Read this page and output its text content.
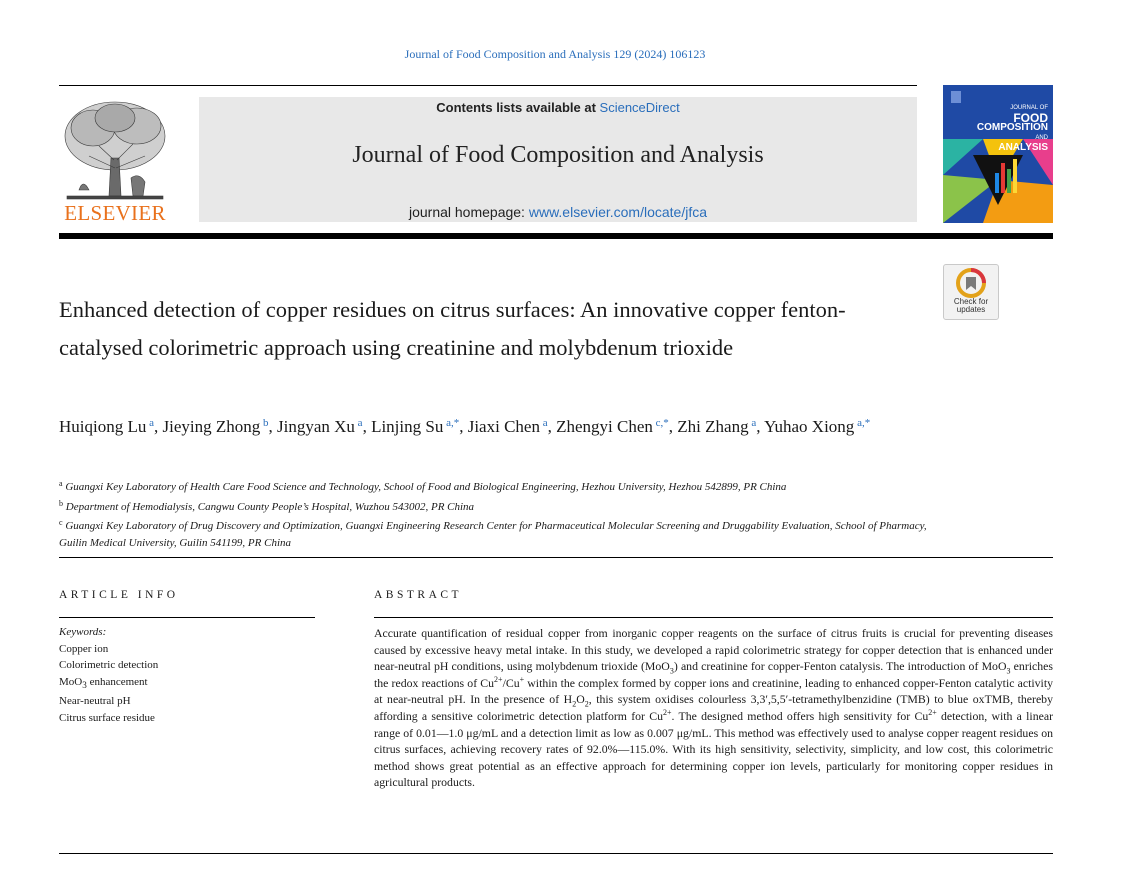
Journal of Food Composition and Analysis 129 (2024) 106123
ELSEVIER
Contents lists available at ScienceDirect
Journal of Food Composition and Analysis
journal homepage: www.elsevier.com/locate/jfca
JOURNAL OF
FOOD
COMPOSITION
AND
ANALYSIS
Check for updates
Enhanced detection of copper residues on citrus surfaces: An innovative copper fenton-catalysed colorimetric approach using creatinine and molybdenum trioxide
Huiqiong Lu $^a$, Jieying Zhong $^b$, Jingyan Xu $^a$, Linjing Su $^{a,*}$, Jiaxi Chen $^a$, Zhengyi Chen $^{c,*}$, Zhi Zhang $^a$, Yuhao Xiong $^{a,*}$
$^a$ Guangxi Key Laboratory of Health Care Food Science and Technology, School of Food and Biological Engineering, Hezhou University, Hezhou 542899, PR China
$^b$ Department of Hemodialysis, Cangwu County People’s Hospital, Wuzhou 543002, PR China
$^c$ Guangxi Key Laboratory of Drug Discovery and Optimization, Guangxi Engineering Research Center for Pharmaceutical Molecular Screening and Druggability Evaluation, School of Pharmacy, Guilin Medical University, Guilin 541199, PR China
ARTICLE INFO	ABSTRACT
Keywords:
Copper ion
Colorimetric detection
MoO$_3$ enhancement
Near-neutral pH
Citrus surface residue

Accurate quantification of residual copper from inorganic copper reagents on the surface of citrus fruits is crucial for preventing diseases caused by excessive heavy metal intake. In this study, we developed a rapid colorimetric strategy for copper detection that is enhanced under near-neutral pH conditions, using molybdenum trioxide (MoO$_3$) and creatinine for copper-Fenton catalysis. The introduction of MoO$_3$ enriches the redox reactions of $Cu^{2+}/Cu^+$ within the complex formed by copper ions and creatinine, leading to enhanced copper-Fenton catalytic activity at near-neutral pH. In the presence of $H_2O_2$, this system oxidises colourless 3,3′,5,5′-tetramethylbenzidine (TMB) to blue oxTMB, thereby affording a sensitive colorimetric detection platform for $Cu^{2+}$. The designed method offers high sensitivity for $Cu^{2+}$ detection, with a linear range of 0.01—1.0 μg/mL and a detection limit as low as 0.007 μg/mL. This method was effectively used to analyse copper reagent residues on citrus surfaces, achieving recovery rates of 92.0%—115.0%. With its high sensitivity, selectivity, simplicity, and low cost, this colorimetric method shows great potential as an effective approach for determining copper ion levels, particularly for monitoring copper residues in agricultural products.
